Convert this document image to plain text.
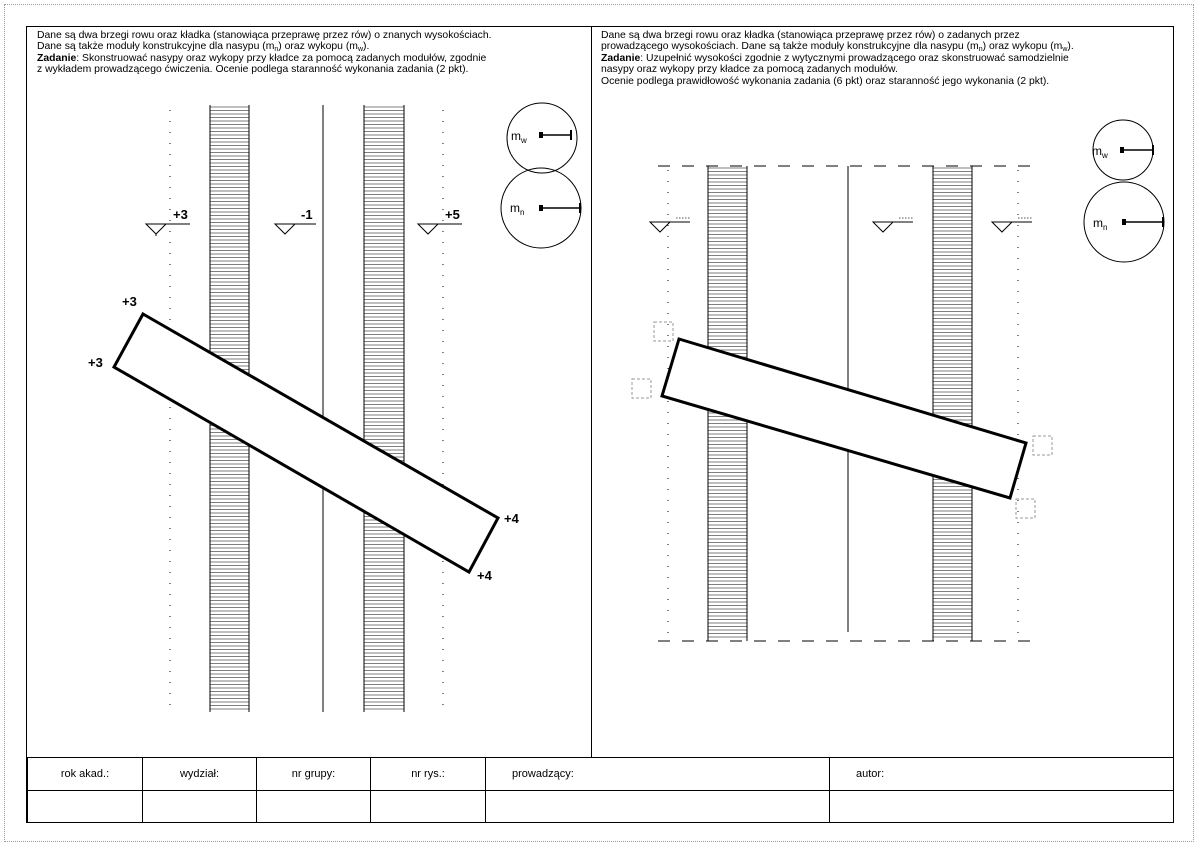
Dane są dwa brzegi rowu oraz kładka (stanowiąca przeprawę przez rów) o znanych wysokościach.
Dane są także moduły konstrukcyjne dla nasypu $(m_n)$ oraz wykopu $(m_w)$.
Zadanie: Skonstruować nasypy oraz wykopy przy kładce za pomocą zadanych modułów, zgodnie
z wykładem prowadzącego ćwiczenia. Ocenie podlega staranność wykonania zadania (2 pkt).
Dane są dwa brzegi rowu oraz kładka (stanowiąca przeprawę przez rów) o zadanych przez
prowadzącego wysokościach. Dane są także moduły konstrukcyjne dla nasypu $(m_n)$ oraz wykopu $(m_w)$.
Zadanie: Uzupełnić wysokości zgodnie z wytycznymi prowadzącego oraz skonstruować samodzielnie
nasypy oraz wykopy przy kładce za pomocą zadanych modułów.
Ocenie podlega prawidłowość wykonania zadania (6 pkt) oraz staranność jego wykonania (2 pkt).
+3	-1	+5
+3
+3
+4
+4
$m_w$
$m_n$
$m_w$
$m_n$
rok akad.:	wydział:	nr grupy:	nr rys.:	prowadzący:	autor:
